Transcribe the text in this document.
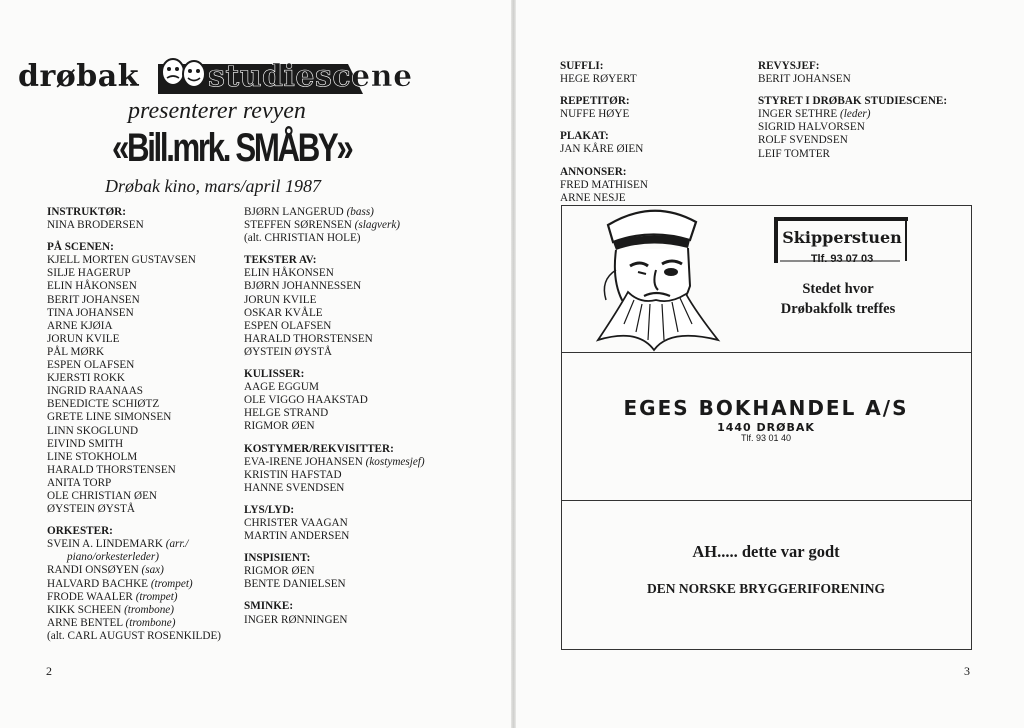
drøbak studiescene
presenterer revyen
«Bill.mrk. SMÅBY»
Drøbak kino, mars/april 1987
INSTRUKTØR:
NINA BRODERSEN
PÅ SCENEN:
KJELL MORTEN GUSTAVSEN
SILJE HAGERUP
ELIN HÅKONSEN
BERIT JOHANSEN
TINA JOHANSEN
ARNE KJØIA
JORUN KVILE
PÅL MØRK
ESPEN OLAFSEN
KJERSTI ROKK
INGRID RAANAAS
BENEDICTE SCHIØTZ
GRETE LINE SIMONSEN
LINN SKOGLUND
EIVIND SMITH
LINE STOKHOLM
HARALD THORSTENSEN
ANITA TORP
OLE CHRISTIAN ØEN
ØYSTEIN ØYSTÅ
ORKESTER:
SVEIN A. LINDEMARK (arr./
piano/orkesterleder)
RANDI ONSØYEN (sax)
HALVARD BACHKE (trompet)
FRODE WAALER (trompet)
KIKK SCHEEN (trombone)
ARNE BENTEL (trombone)
(alt. CARL AUGUST ROSENKILDE)
BJØRN LANGERUD (bass)
STEFFEN SØRENSEN (slagverk)
(alt. CHRISTIAN HOLE)
TEKSTER AV:
ELIN HÅKONSEN
BJØRN JOHANNESSEN
JORUN KVILE
OSKAR KVÅLE
ESPEN OLAFSEN
HARALD THORSTENSEN
ØYSTEIN ØYSTÅ
KULISSER:
AAGE EGGUM
OLE VIGGO HAAKSTAD
HELGE STRAND
RIGMOR ØEN
KOSTYMER/REKVISITTER:
EVA-IRENE JOHANSEN (kostymesjef)
KRISTIN HAFSTAD
HANNE SVENDSEN
LYS/LYD:
CHRISTER VAAGAN
MARTIN ANDERSEN
INSPISIENT:
RIGMOR ØEN
BENTE DANIELSEN
SMINKE:
INGER RØNNINGEN
2
SUFFLI:
HEGE RØYERT
REPETITØR:
NUFFE HØYE
PLAKAT:
JAN KÅRE ØIEN
ANNONSER:
FRED MATHISEN
ARNE NESJE
REVYSJEF:
BERIT JOHANSEN
STYRET I DRØBAK STUDIESCENE:
INGER SETHRE (leder)
SIGRID HALVORSEN
ROLF SVENDSEN
LEIF TOMTER
Skipperstuen
Tlf. 93 07 03
Stedet hvor Drøbakfolk treffes
EGES BOKHANDEL A/S
1440 DRØBAK
Tlf. 93 01 40
AH..... dette var godt
DEN NORSKE BRYGGERIFORENING
3
